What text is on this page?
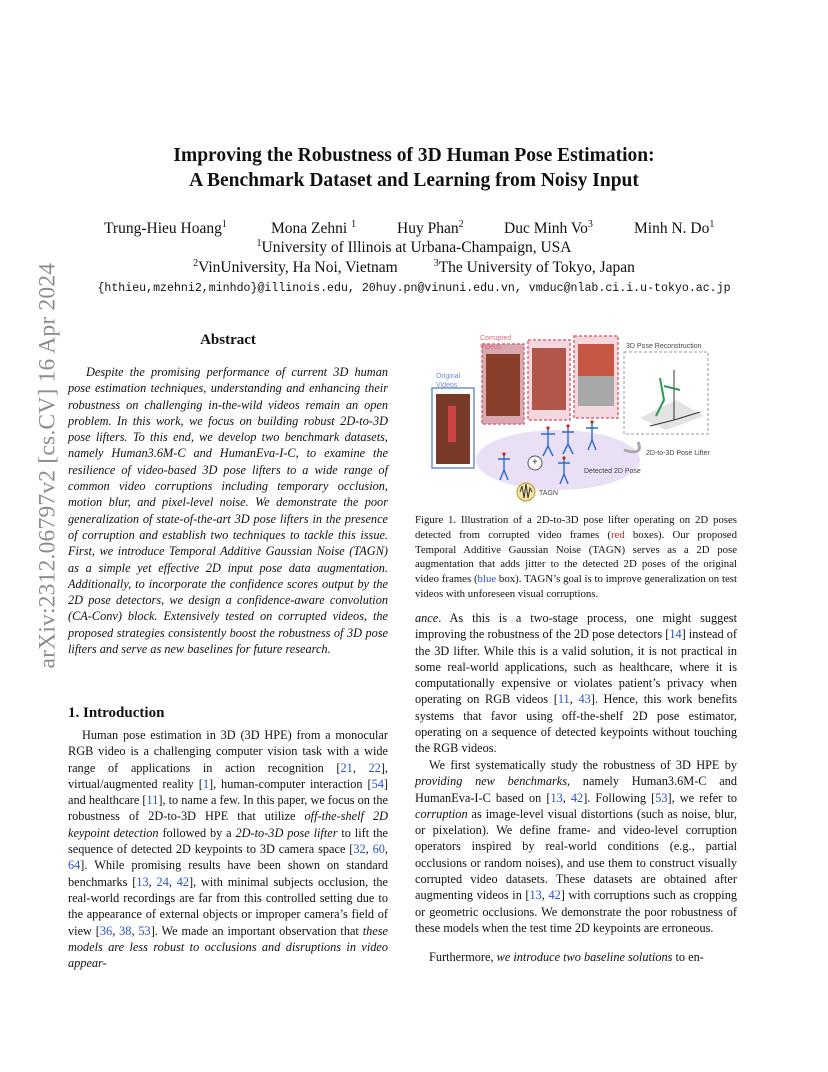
arXiv:2312.06797v2 [cs.CV] 16 Apr 2024
Improving the Robustness of 3D Human Pose Estimation:
A Benchmark Dataset and Learning from Noisy Input
Trung-Hieu Hoang$^1$	Mona Zehni $^1$	Huy Phan$^2$	Duc Minh Vo$^3$	Minh N. Do$^1$
$^1$University of Illinois at Urbana-Champaign, USA
$^2$VinUniversity, Ha Noi, Vietnam	$^3$The University of Tokyo, Japan
{hthieu,mzehni2,minhdo}@illinois.edu, 20huy.pn@vinuni.edu.vn, vmduc@nlab.ci.i.u-tokyo.ac.jp
Abstract
Despite the promising performance of current 3D human pose estimation techniques, understanding and enhancing their robustness on challenging in-the-wild videos remain an open problem. In this work, we focus on building robust 2D-to-3D pose lifters. To this end, we develop two benchmark datasets, namely Human3.6M-C and HumanEva-I-C, to examine the resilience of video-based 3D pose lifters to a wide range of common video corruptions including temporary occlusion, motion blur, and pixel-level noise. We demonstrate the poor generalization of state-of-the-art 3D pose lifters in the presence of corruption and establish two techniques to tackle this issue. First, we introduce Temporal Additive Gaussian Noise (TAGN) as a simple yet effective 2D input pose data augmentation. Additionally, to incorporate the confidence scores output by the 2D pose detectors, we design a confidence-aware convolution (CA-Conv) block. Extensively tested on corrupted videos, the proposed strategies consistently boost the robustness of 3D pose lifters and serve as new baselines for future research.
1. Introduction
Human pose estimation in 3D (3D HPE) from a monocular RGB video is a challenging computer vision task with a wide range of applications in action recognition [21, 22], virtual/augmented reality [1], human-computer interaction [54] and healthcare [11], to name a few. In this paper, we focus on the robustness of 2D-to-3D HPE that utilize off-the-shelf 2D keypoint detection followed by a 2D-to-3D pose lifter to lift the sequence of detected 2D keypoints to 3D camera space [32, 60, 64]. While promising results have been shown on standard benchmarks [13, 24, 42], with minimal subjects occlusion, the real-world recordings are far from this controlled setting due to the appearance of external objects or improper camera’s field of view [36, 38, 53]. We made an important observation that these models are less robust to occlusions and disruptions in video appear-
Corrupted Videos
Original Videos
3D Pose Reconstruction
2D-to-3D Pose Lifter
Detected 2D Pose
TAGN
+
Figure 1. Illustration of a 2D-to-3D pose lifter operating on 2D poses detected from corrupted video frames (red boxes). Our proposed Temporal Additive Gaussian Noise (TAGN) serves as a 2D pose augmentation that adds jitter to the detected 2D poses of the original video frames (blue box). TAGN’s goal is to improve generalization on test videos with unforeseen visual corruptions.
ance. As this is a two-stage process, one might suggest improving the robustness of the 2D pose detectors [14] instead of the 3D lifter. While this is a valid solution, it is not practical in some real-world applications, such as healthcare, where it is computationally expensive or violates patient’s privacy when operating on RGB videos [11, 43]. Hence, this work benefits systems that favor using off-the-shelf 2D pose estimator, operating on a sequence of detected keypoints without touching the RGB videos.
We first systematically study the robustness of 3D HPE by providing new benchmarks, namely Human3.6M-C and HumanEva-I-C based on [13, 42]. Following [53], we refer to corruption as image-level visual distortions (such as noise, blur, or pixelation). We define frame- and video-level corruption operators inspired by real-world conditions (e.g., partial occlusions or random noises), and use them to construct visually corrupted video datasets. These datasets are obtained after augmenting videos in [13, 42] with corruptions such as cropping or geometric occlusions. We demonstrate the poor robustness of these models when the test time 2D keypoints are erroneous.
Furthermore, we introduce two baseline solutions to en-
